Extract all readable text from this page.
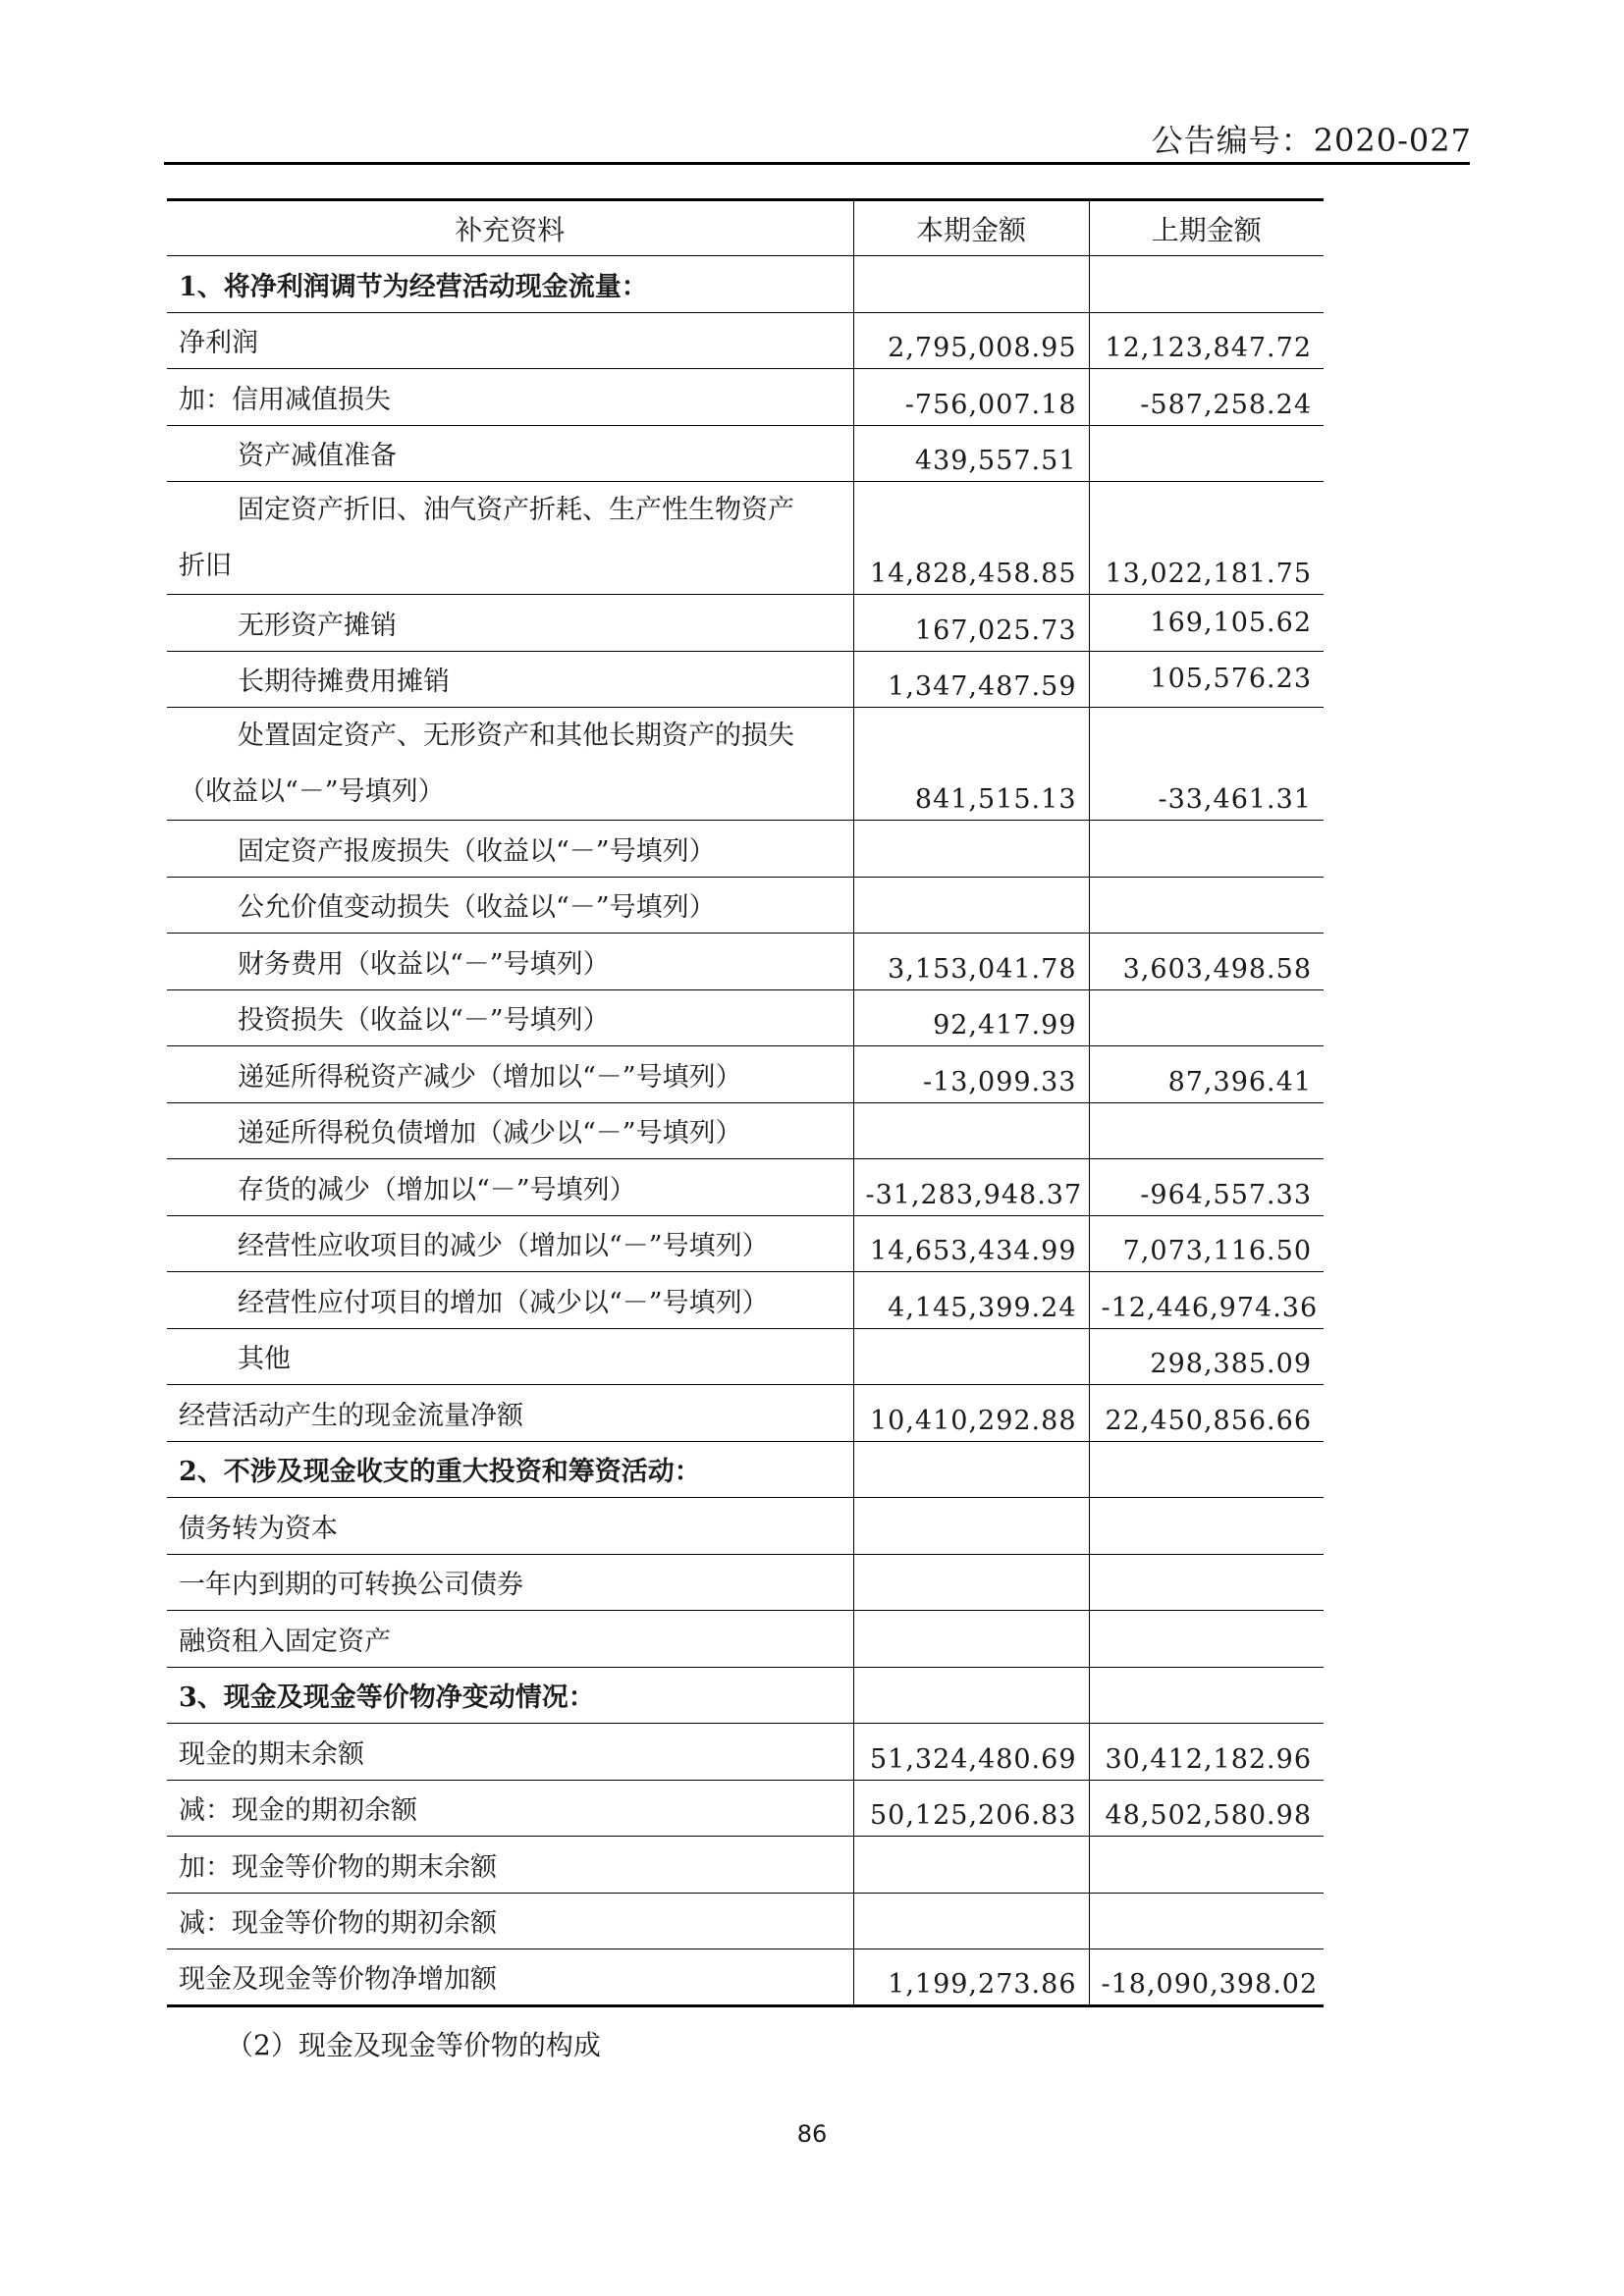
公告编号：2020-027
补充资料	本期金额	上期金额
1、将净利润调节为经营活动现金流量：		
净利润	2,795,008.95	12,123,847.72
加：信用减值损失	-756,007.18	-587,258.24
资产减值准备	439,557.51	

固定资产折旧、油气资产折耗、生产性生物资产
折旧	14,828,458.85	13,022,181.75
无形资产摊销	167,025.73	169,105.62
长期待摊费用摊销	1,347,487.59	105,576.23

处置固定资产、无形资产和其他长期资产的损失
（收益以“－”号填列）	841,515.13	-33,461.31
固定资产报废损失（收益以“－”号填列）		
公允价值变动损失（收益以“－”号填列）		
财务费用（收益以“－”号填列）	3,153,041.78	3,603,498.58
投资损失（收益以“－”号填列）	92,417.99	
递延所得税资产减少（增加以“－”号填列）	-13,099.33	87,396.41
递延所得税负债增加（减少以“－”号填列）		
存货的减少（增加以“－”号填列）	-31,283,948.37	-964,557.33
经营性应收项目的减少（增加以“－”号填列）	14,653,434.99	7,073,116.50
经营性应付项目的增加（减少以“－”号填列）	4,145,399.24	-12,446,974.36
其他		298,385.09
经营活动产生的现金流量净额	10,410,292.88	22,450,856.66
2、不涉及现金收支的重大投资和筹资活动：		
债务转为资本		
一年内到期的可转换公司债券		
融资租入固定资产		
3、现金及现金等价物净变动情况：		
现金的期末余额	51,324,480.69	30,412,182.96
减：现金的期初余额	50,125,206.83	48,502,580.98
加：现金等价物的期末余额		
减：现金等价物的期初余额		
现金及现金等价物净增加额	1,199,273.86	-18,090,398.02
（2）现金及现金等价物的构成
86
